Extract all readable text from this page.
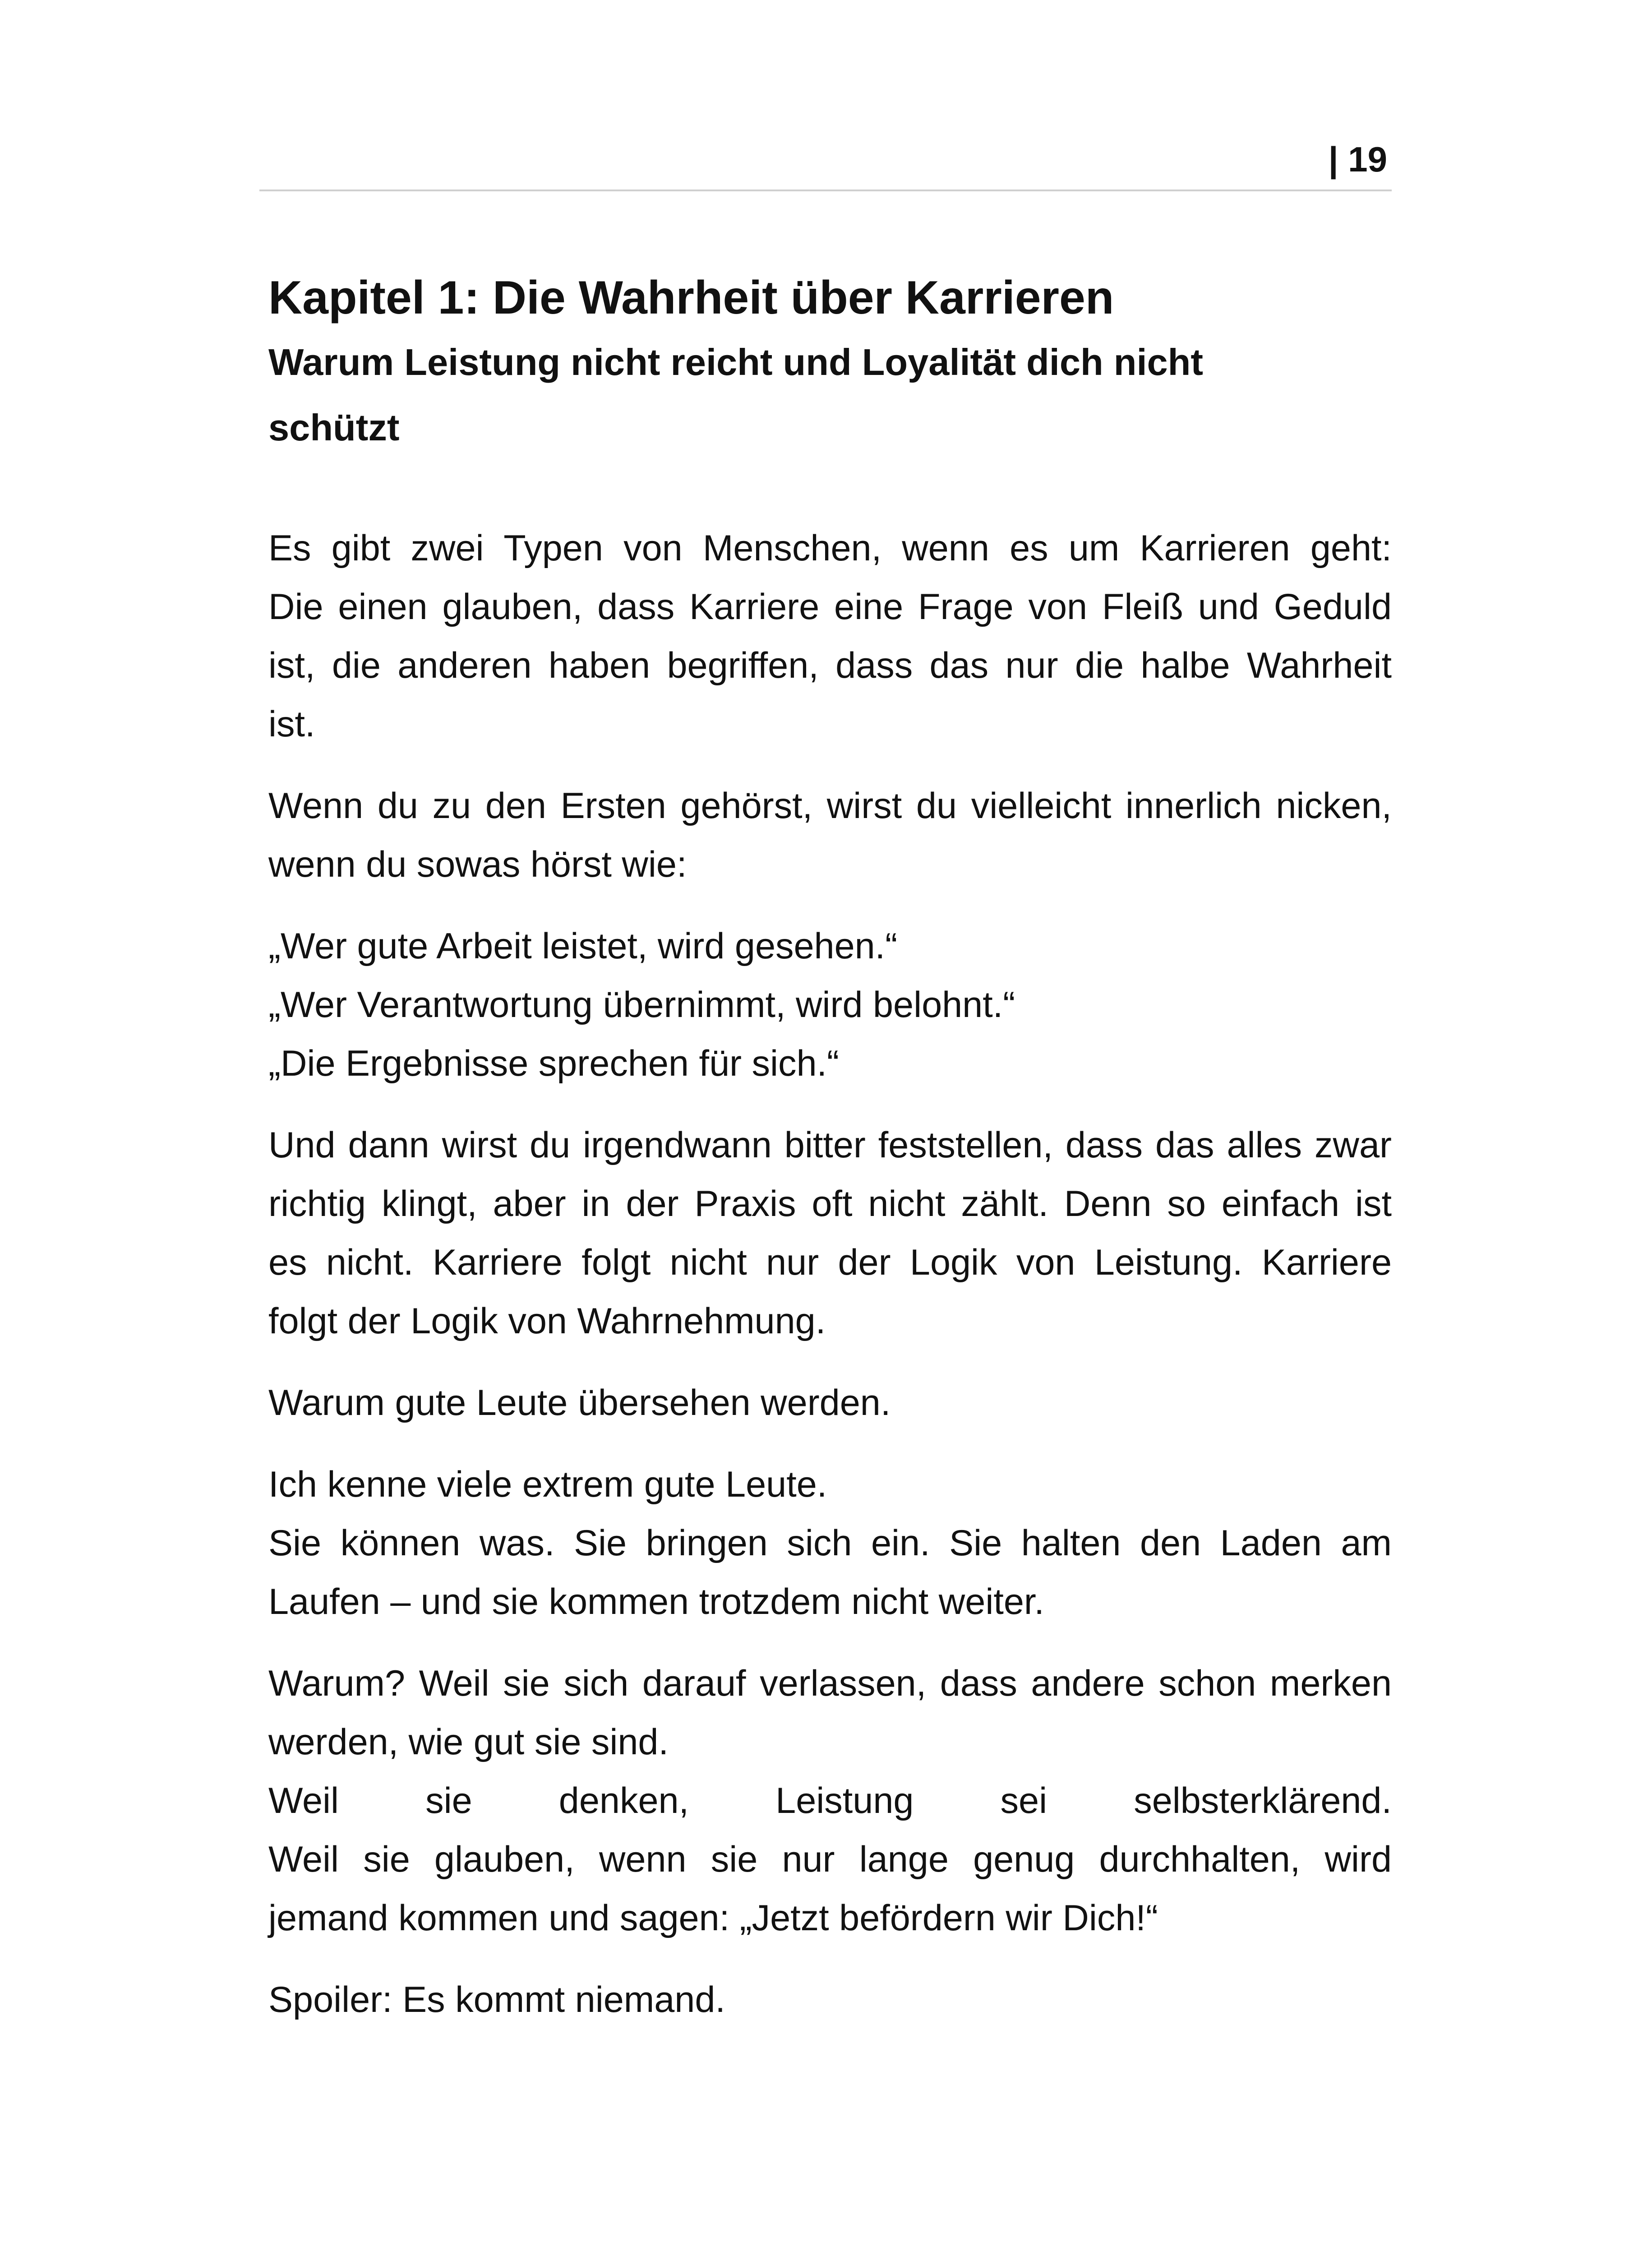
| 19
Kapitel 1: Die Wahrheit über Karrieren
Warum Leistung nicht reicht und Loyalität dich nicht schützt

Es gibt zwei Typen von Menschen, wenn es um Karrieren geht:
Die einen glauben, dass Karriere eine Frage von Fleiß und Geduld
ist, die anderen haben begriffen, dass das nur die halbe Wahrheit
ist.

Wenn du zu den Ersten gehörst, wirst du vielleicht innerlich nicken,
wenn du sowas hörst wie:

„Wer gute Arbeit leistet, wird gesehen.“
„Wer Verantwortung übernimmt, wird belohnt.“
„Die Ergebnisse sprechen für sich.“

Und dann wirst du irgendwann bitter feststellen, dass das alles zwar
richtig klingt, aber in der Praxis oft nicht zählt. Denn so einfach ist
es nicht. Karriere folgt nicht nur der Logik von Leistung. Karriere
folgt der Logik von Wahrnehmung.

Warum gute Leute übersehen werden.

Ich kenne viele extrem gute Leute.
Sie können was. Sie bringen sich ein. Sie halten den Laden am
Laufen – und sie kommen trotzdem nicht weiter.

Warum? Weil sie sich darauf verlassen, dass andere schon merken
werden, wie gut sie sind.
Weil sie denken, Leistung sei selbsterklärend.
Weil sie glauben, wenn sie nur lange genug durchhalten, wird
jemand kommen und sagen: „Jetzt befördern wir Dich!“

Spoiler: Es kommt niemand.
